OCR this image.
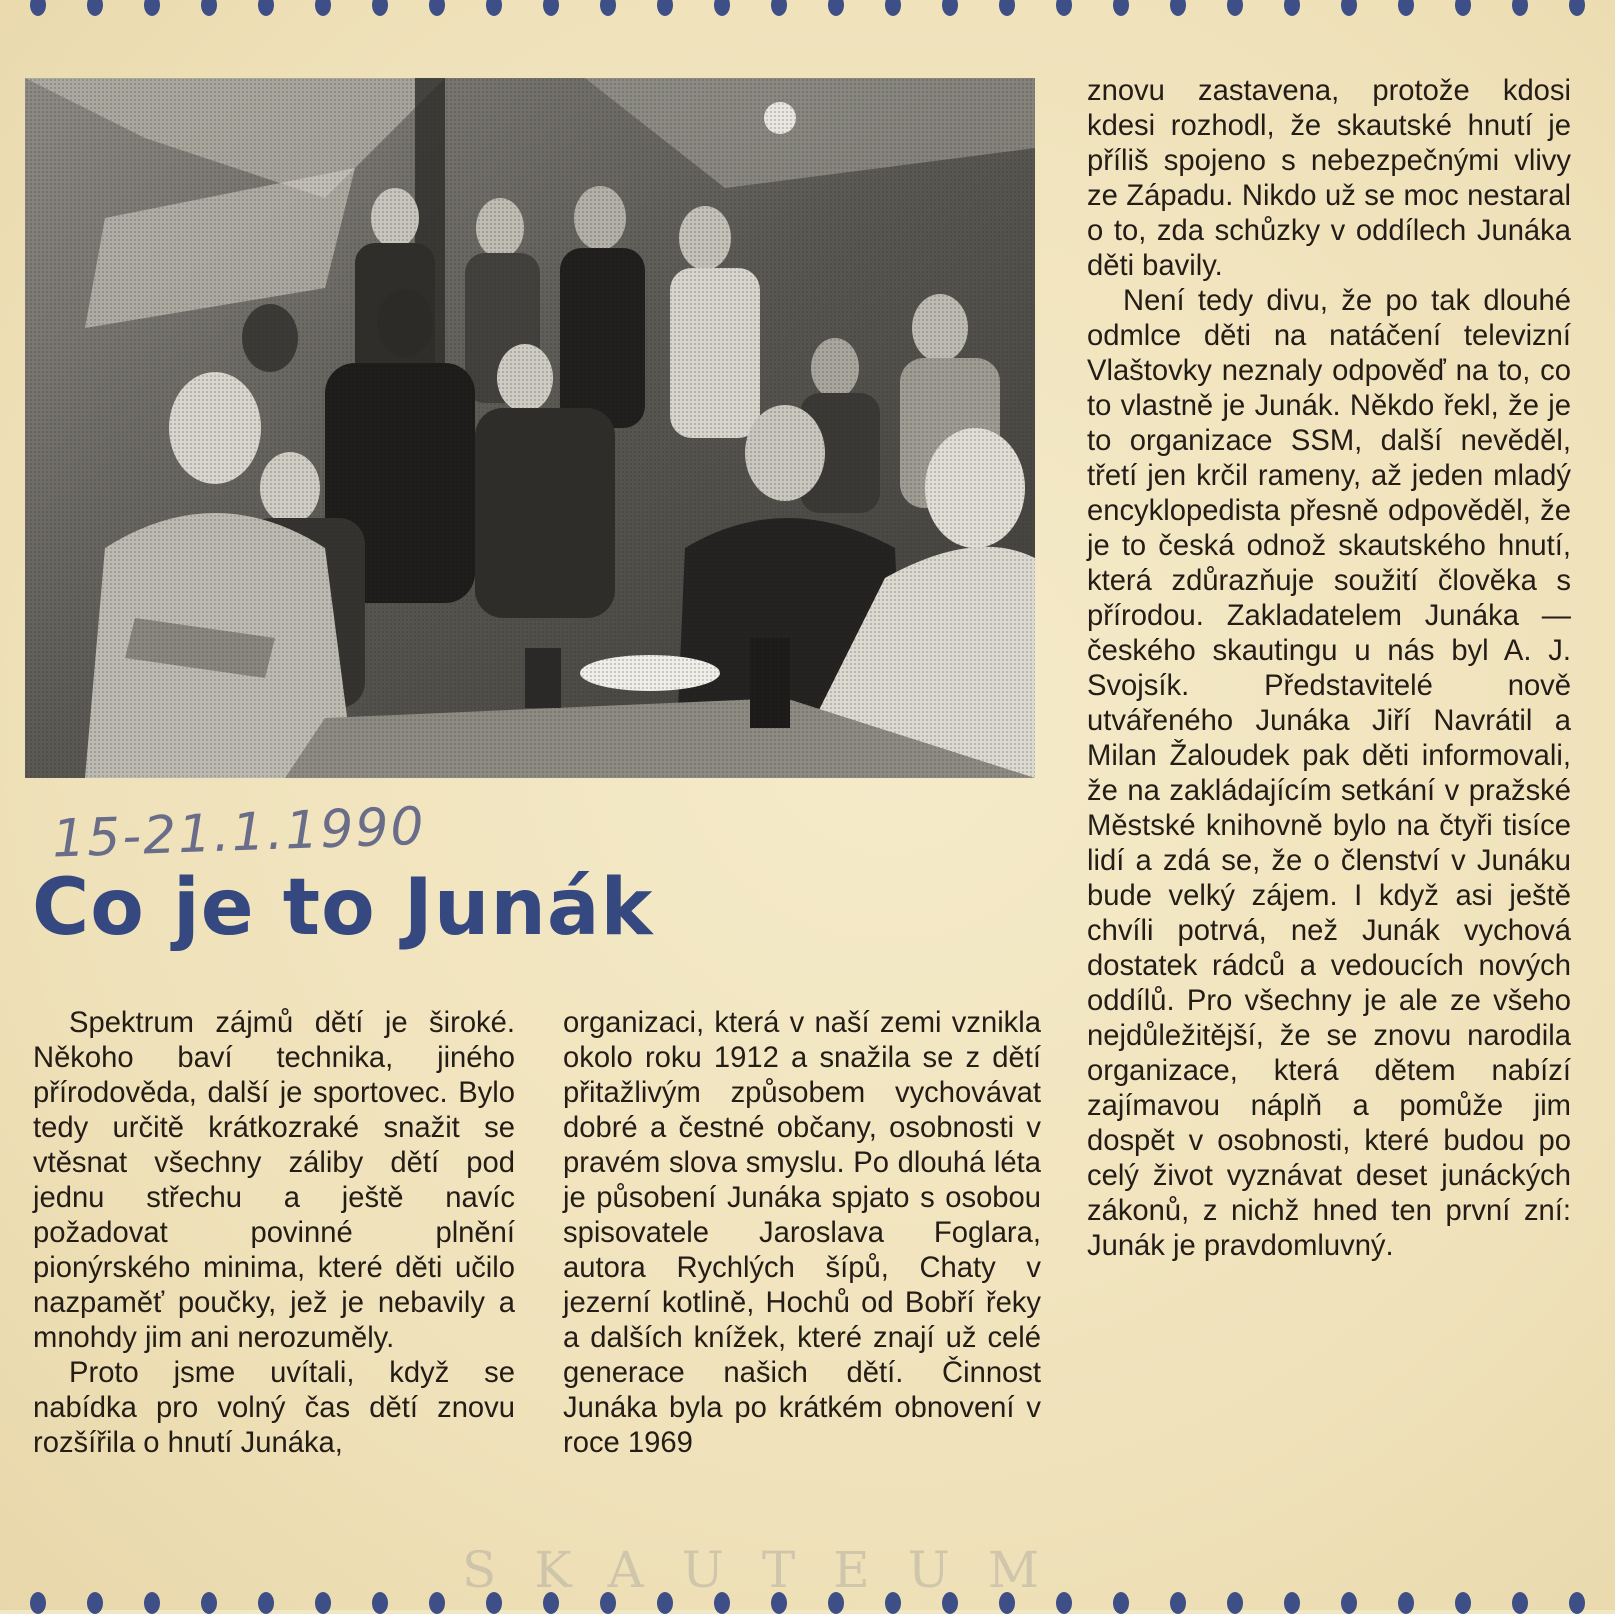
15-21.1.1990
Co je to Junák

Spektrum zájmů dětí je široké. Někoho baví technika, jiného přírodověda, další je sportovec. Bylo tedy určitě krátkozraké snažit se vtěsnat všechny záliby dětí pod jednu střechu a ještě navíc požadovat povinné plnění pionýrského minima, které děti učilo nazpaměť poučky, jež je nebavily a mnohdy jim ani nerozuměly.

Proto jsme uvítali, když se nabídka pro volný čas dětí znovu rozšířila o hnutí Junáka,

organizaci, která v naší zemi vznikla okolo roku 1912 a snažila se z dětí přitažlivým způsobem vychovávat dobré a čestné občany, osobnosti v pravém slova smyslu. Po dlouhá léta je působení Junáka spjato s osobou spisovatele Jaroslava Foglara, autora Rychlých šípů, Chaty v jezerní kotlině, Hochů od Bobří řeky a dalších knížek, které znají už celé generace našich dětí. Činnost Junáka byla po krátkém obnovení v roce 1969

znovu zastavena, protože kdosi kdesi rozhodl, že skautské hnutí je příliš spojeno s nebezpečnými vlivy ze Západu. Nikdo už se moc nestaral o to, zda schůzky v oddílech Junáka děti bavily.

Není tedy divu, že po tak dlouhé odmlce děti na natáčení televizní Vlaštovky neznaly odpověď na to, co to vlastně je Junák. Někdo řekl, že je to organizace SSM, další nevěděl, třetí jen krčil rameny, až jeden mladý encyklopedista přesně odpověděl, že je to česká odnož skautského hnutí, která zdůrazňuje soužití člověka s přírodou. Zakladatelem Junáka — českého skautingu u nás byl A. J. Svojsík. Představitelé nově utvářeného Junáka Jiří Navrátil a Milan Žaloudek pak děti informovali, že na zakládajícím setkání v pražské Městské knihovně bylo na čtyři tisíce lidí a zdá se, že o členství v Junáku bude velký zájem. I když asi ještě chvíli potrvá, než Junák vychová dostatek rádců a vedoucích nových oddílů. Pro všechny je ale ze všeho nejdůležitější, že se znovu narodila organizace, která dětem nabízí zajímavou náplň a pomůže jim dospět v osobnosti, které budou po celý život vyznávat deset junáckých zákonů, z nichž hned ten první zní: Junák je pravdomluvný.

SKAUTEUM
